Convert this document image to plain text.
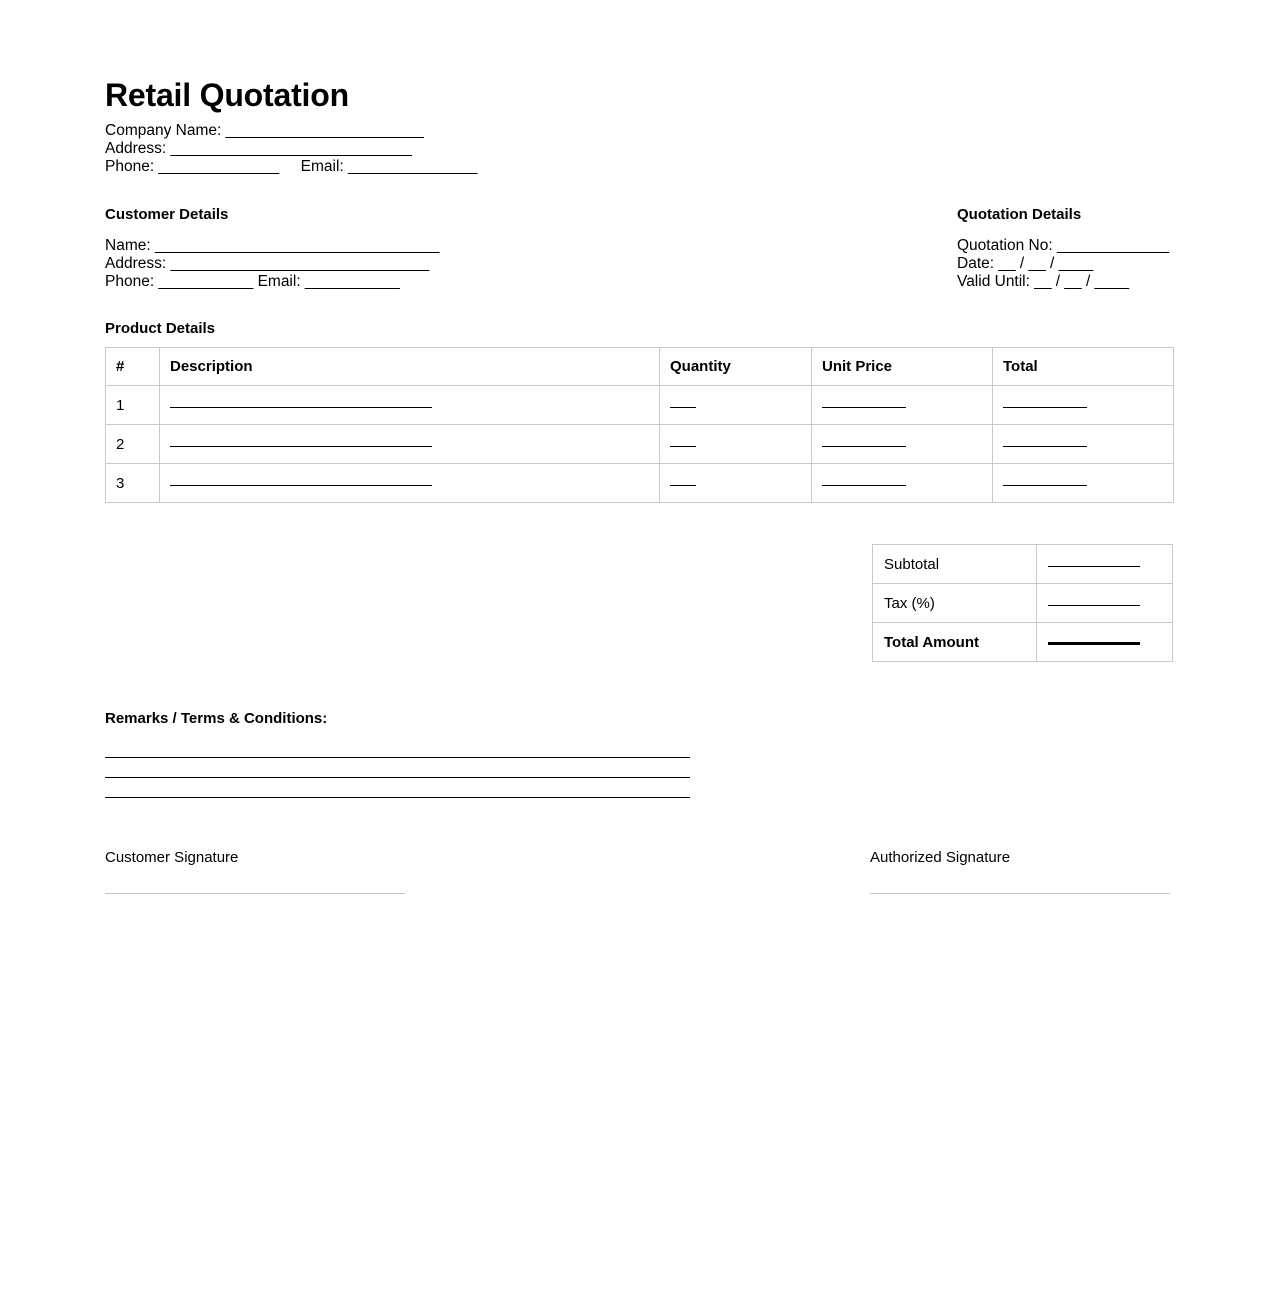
Retail Quotation
Company Name: _______________________
Address: ____________________________
Phone: ______________     Email: _______________
Customer Details
Name: _________________________________
Address: ______________________________
Phone: ___________ Email: ___________
Quotation Details
Quotation No: _____________
Date: __ / __ / ____
Valid Until: __ / __ / ____
Product Details
#	Description	Quantity	Unit Price	Total
1				
2				
3				
Subtotal	
Tax (%)	
Total Amount	
Remarks / Terms & Conditions:
Customer Signature	Authorized Signature
